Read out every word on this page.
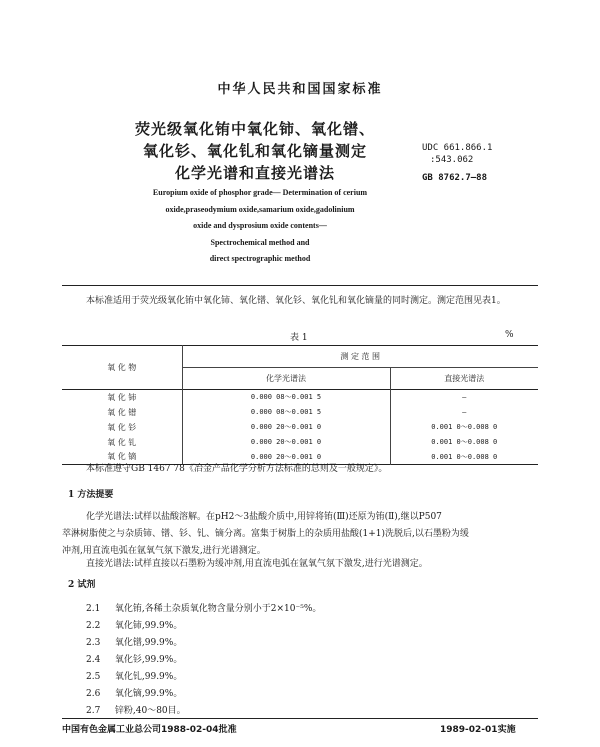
中华人民共和国国家标准
荧光级氧化铕中氧化铈、氧化镨、
氧化钐、氧化钆和氧化镝量测定
化学光谱和直接光谱法
UDC 661.866.1
:543.062
GB 8762.7—88
Europium oxide of phosphor grade— Determination of cerium
oxide,praseodymium oxide,samarium oxide,gadolinium
oxide and dysprosium oxide contents—
Spectrochemical method and
direct spectrographic method
本标准适用于荧光级氧化铕中氧化铈、氧化镨、氧化钐、氧化钆和氧化镝量的同时测定。测定范围见表1。
表 1	%
氧 化 物	测 定 范 围	
	化学光谱法	直接光谱法
氧 化 铈	0.000 08～0.001 5	—
氧 化 镨	0.000 08～0.001 5	—
氧 化 钐	0.000 20～0.001 0	0.001 0～0.008 0
氧 化 钆	0.000 20～0.001 0	0.001 0～0.008 0
氧 化 镝	0.000 20～0.001 0	0.001 0～0.008 0
本标准遵守GB 1467 78《冶金产品化学分析方法标准的总则及一般规定》。
1 方法提要
化学光谱法:试样以盐酸溶解。在pH2～3盐酸介质中,用锌将铕(Ⅲ)还原为铕(Ⅱ),继以P507
萃淋树脂使之与杂质铈、镨、钐、钆、镝分离。富集于树脂上的杂质用盐酸(1+1)洗脱后,以石墨粉为缓
冲剂,用直流电弧在氩氧气氛下激发,进行光谱测定。
直接光谱法:试样直接以石墨粉为缓冲剂,用直流电弧在氩氧气氛下激发,进行光谱测定。
2 试剂
2.1 氧化铕,各稀土杂质氧化物含量分别小于2×10⁻⁵%。
2.2 氧化铈,99.9%。
2.3 氧化镨,99.9%。
2.4 氧化钐,99.9%。
2.5 氧化钆,99.9%。
2.6 氧化镝,99.9%。
2.7 锌粉,40～80目。
中国有色金属工业总公司1988-02-04批准	1989-02-01实施
